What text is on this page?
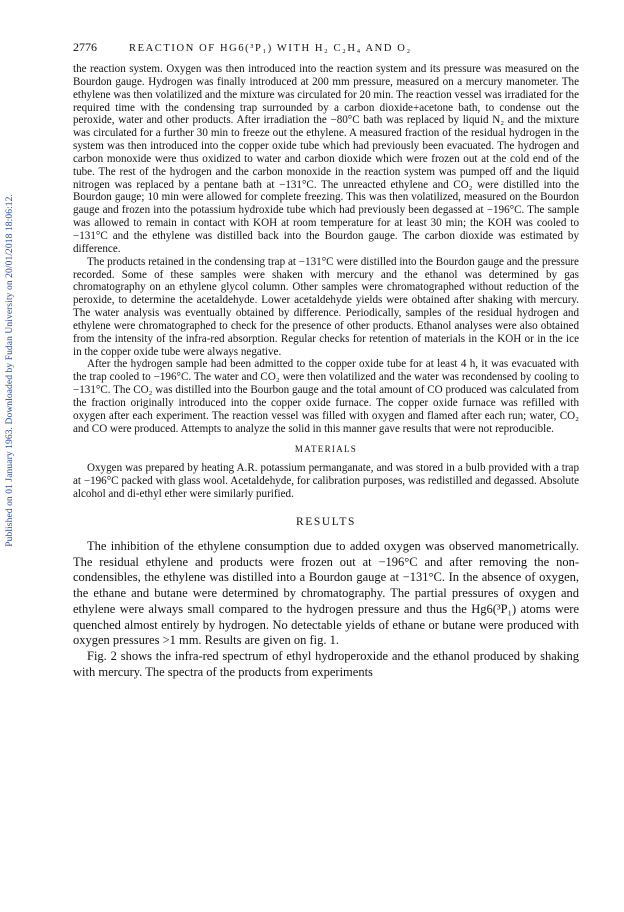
Published on 01 January 1963. Downloaded by Fudan University on 20/01/2018 18:06:12.
2776	REACTION OF HG6(³P₁) WITH H₂ C₂H₄ AND O₂

the reaction system. Oxygen was then introduced into the reaction system and its pressure was measured on the Bourdon gauge. Hydrogen was finally introduced at 200 mm pressure, measured on a mercury manometer. The ethylene was then volatilized and the mixture was circulated for 20 min. The reaction vessel was irradiated for the required time with the condensing trap surrounded by a carbon dioxide+acetone bath, to condense out the peroxide, water and other products. After irradiation the −80°C bath was replaced by liquid N₂ and the mixture was circulated for a further 30 min to freeze out the ethylene. A measured fraction of the residual hydrogen in the system was then introduced into the copper oxide tube which had previously been evacuated. The hydrogen and carbon monoxide were thus oxidized to water and carbon dioxide which were frozen out at the cold end of the tube. The rest of the hydrogen and the carbon monoxide in the reaction system was pumped off and the liquid nitrogen was replaced by a pentane bath at −131°C. The unreacted ethylene and CO₂ were distilled into the Bourdon gauge; 10 min were allowed for complete freezing. This was then volatilized, measured on the Bourdon gauge and frozen into the potassium hydroxide tube which had previously been degassed at −196°C. The sample was allowed to remain in contact with KOH at room temperature for at least 30 min; the KOH was cooled to −131°C and the ethylene was distilled back into the Bourdon gauge. The carbon dioxide was estimated by difference.

The products retained in the condensing trap at −131°C were distilled into the Bourdon gauge and the pressure recorded. Some of these samples were shaken with mercury and the ethanol was determined by gas chromatography on an ethylene glycol column. Other samples were chromatographed without reduction of the peroxide, to determine the acetaldehyde. Lower acetaldehyde yields were obtained after shaking with mercury. The water analysis was eventually obtained by difference. Periodically, samples of the residual hydrogen and ethylene were chromatographed to check for the presence of other products. Ethanol analyses were also obtained from the intensity of the infra-red absorption. Regular checks for retention of materials in the KOH or in the ice in the copper oxide tube were always negative.

After the hydrogen sample had been admitted to the copper oxide tube for at least 4 h, it was evacuated with the trap cooled to −196°C. The water and CO₂ were then volatilized and the water was recondensed by cooling to −131°C. The CO₂ was distilled into the Bourbon gauge and the total amount of CO produced was calculated from the fraction originally introduced into the copper oxide furnace. The copper oxide furnace was refilled with oxygen after each experiment. The reaction vessel was filled with oxygen and flamed after each run; water, CO₂ and CO were produced. Attempts to analyze the solid in this manner gave results that were not reproducible.

MATERIALS

Oxygen was prepared by heating A.R. potassium permanganate, and was stored in a bulb provided with a trap at −196°C packed with glass wool. Acetaldehyde, for calibration purposes, was redistilled and degassed. Absolute alcohol and di-ethyl ether were similarly purified.

RESULTS

The inhibition of the ethylene consumption due to added oxygen was observed manometrically. The residual ethylene and products were frozen out at −196°C and after removing the non-condensibles, the ethylene was distilled into a Bourdon gauge at −131°C. In the absence of oxygen, the ethane and butane were determined by chromatography. The partial pressures of oxygen and ethylene were always small compared to the hydrogen pressure and thus the Hg6(³P₁) atoms were quenched almost entirely by hydrogen. No detectable yields of ethane or butane were produced with oxygen pressures >1 mm. Results are given on fig. 1.

Fig. 2 shows the infra-red spectrum of ethyl hydroperoxide and the ethanol produced by shaking with mercury. The spectra of the products from experiments
